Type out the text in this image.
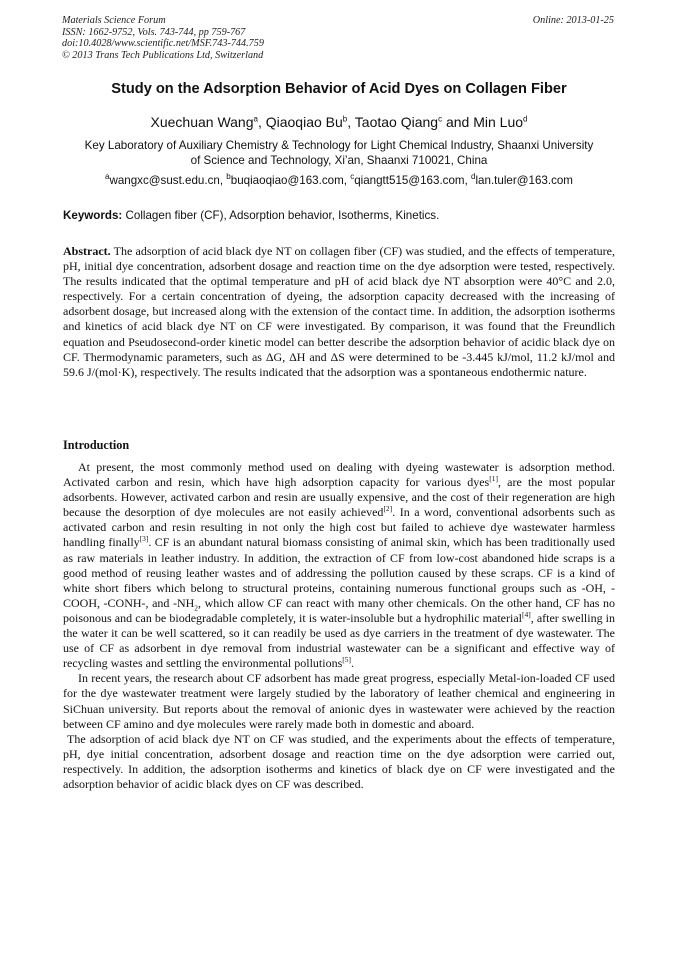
Materials Science Forum
ISSN: 1662-9752, Vols. 743-744, pp 759-767
doi:10.4028/www.scientific.net/MSF.743-744.759
© 2013 Trans Tech Publications Ltd, Switzerland
Online: 2013-01-25
Study on the Adsorption Behavior of Acid Dyes on Collagen Fiber
Xuechuan Wang$^a$, Qiaoqiao Bu$^b$, Taotao Qiang$^c$ and Min Luo$^d$
Key Laboratory of Auxiliary Chemistry & Technology for Light Chemical Industry, Shaanxi University
of Science and Technology, Xi’an, Shaanxi 710021, China
$^a$wangxc@sust.edu.cn, $^b$buqiaoqiao@163.com, $^c$qiangtt515@163.com, $^d$lan.tuler@163.com
Keywords: Collagen fiber (CF), Adsorption behavior, Isotherms, Kinetics.

Abstract. The adsorption of acid black dye NT on collagen fiber (CF) was studied, and the effects of temperature, pH, initial dye concentration, adsorbent dosage and reaction time on the dye adsorption were tested, respectively. The results indicated that the optimal temperature and pH of acid black dye NT absorption were 40°C and 2.0, respectively. For a certain concentration of dyeing, the adsorption capacity decreased with the increasing of adsorbent dosage, but increased along with the extension of the contact time. In addition, the adsorption isotherms and kinetics of acid black dye NT on CF were investigated. By comparison, it was found that the Freundlich equation and Pseudosecond-order kinetic model can better describe the adsorption behavior of acidic black dye on CF. Thermodynamic parameters, such as ΔG, ΔH and ΔS were determined to be -3.445 kJ/mol, 11.2 kJ/mol and 59.6 J/(mol·K), respectively. The results indicated that the adsorption was a spontaneous endothermic nature.

Introduction

At present, the most commonly method used on dealing with dyeing wastewater is adsorption method. Activated carbon and resin, which have high adsorption capacity for various dyes[1], are the most popular adsorbents. However, activated carbon and resin are usually expensive, and the cost of their regeneration are high because the desorption of dye molecules are not easily achieved[2]. In a word, conventional adsorbents such as activated carbon and resin resulting in not only the high cost but failed to achieve dye wastewater harmless handling finally[3]. CF is an abundant natural biomass consisting of animal skin, which has been traditionally used as raw materials in leather industry. In addition, the extraction of CF from low-cost abandoned hide scraps is a good method of reusing leather wastes and of addressing the pollution caused by these scraps. CF is a kind of white short fibers which belong to structural proteins, containing numerous functional groups such as -OH, -COOH, -CONH-, and $-NH_2$, which allow CF can react with many other chemicals. On the other hand, CF has no poisonous and can be biodegradable completely, it is water-insoluble but a hydrophilic material[4], after swelling in the water it can be well scattered, so it can readily be used as dye carriers in the treatment of dye wastewater. The use of CF as adsorbent in dye removal from industrial wastewater can be a significant and effective way of recycling wastes and settling the environmental pollutions[5].

In recent years, the research about CF adsorbent has made great progress, especially Metal-ion-loaded CF used for the dye wastewater treatment were largely studied by the laboratory of leather chemical and engineering in SiChuan university. But reports about the removal of anionic dyes in wastewater were achieved by the reaction between CF amino and dye molecules were rarely made both in domestic and aboard.

The adsorption of acid black dye NT on CF was studied, and the experiments about the effects of temperature, pH, dye initial concentration, adsorbent dosage and reaction time on the dye adsorption were carried out, respectively. In addition, the adsorption isotherms and kinetics of black dye on CF were investigated and the adsorption behavior of acidic black dyes on CF was described.
